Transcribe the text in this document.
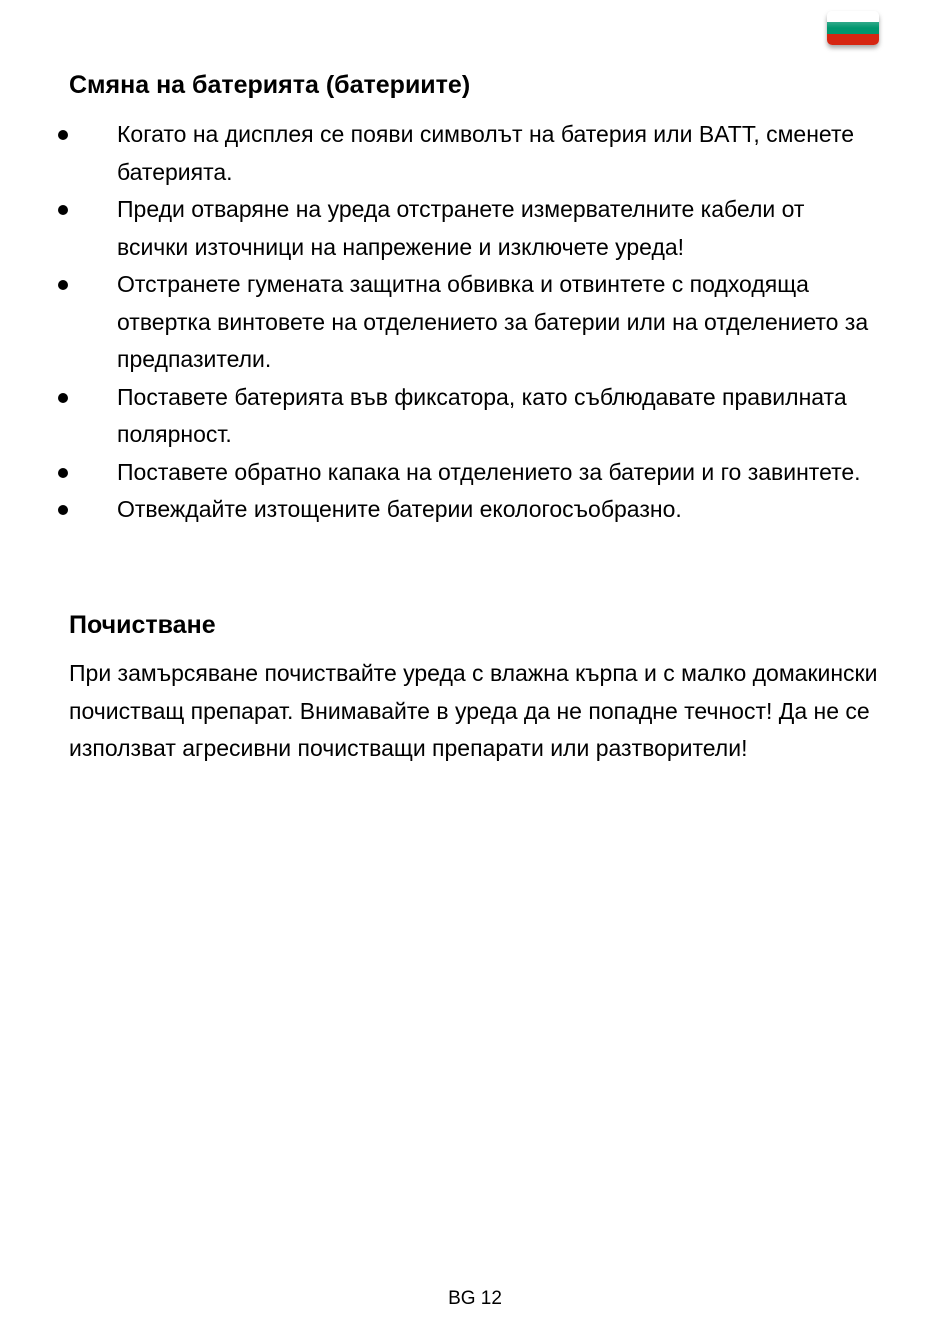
Смяна на батерията (батериите)
Когато на дисплея се появи символът на батерия или BATT, сменете батерията.
Преди отваряне на уреда отстранете измервателните кабели от всички източници на напрежение и изключете уреда!
Отстранете гумената защитна обвивка и отвинтете с подходяща отвертка винтовете на отделението за батерии или на отделението за предпазители.
Поставете батерията във фиксатора, като съблюдавате правилната полярност.
Поставете обратно капака на отделението за батерии и го завинтете.
Отвеждайте изтощените батерии екологосъобразно.
Почистване

При замърсяване почиствайте уреда с влажна кърпа и с малко домакински почистващ препарат. Внимавайте в уреда да не попадне течност! Да не се използват агресивни почистващи препарати или разтворители!

BG 12
